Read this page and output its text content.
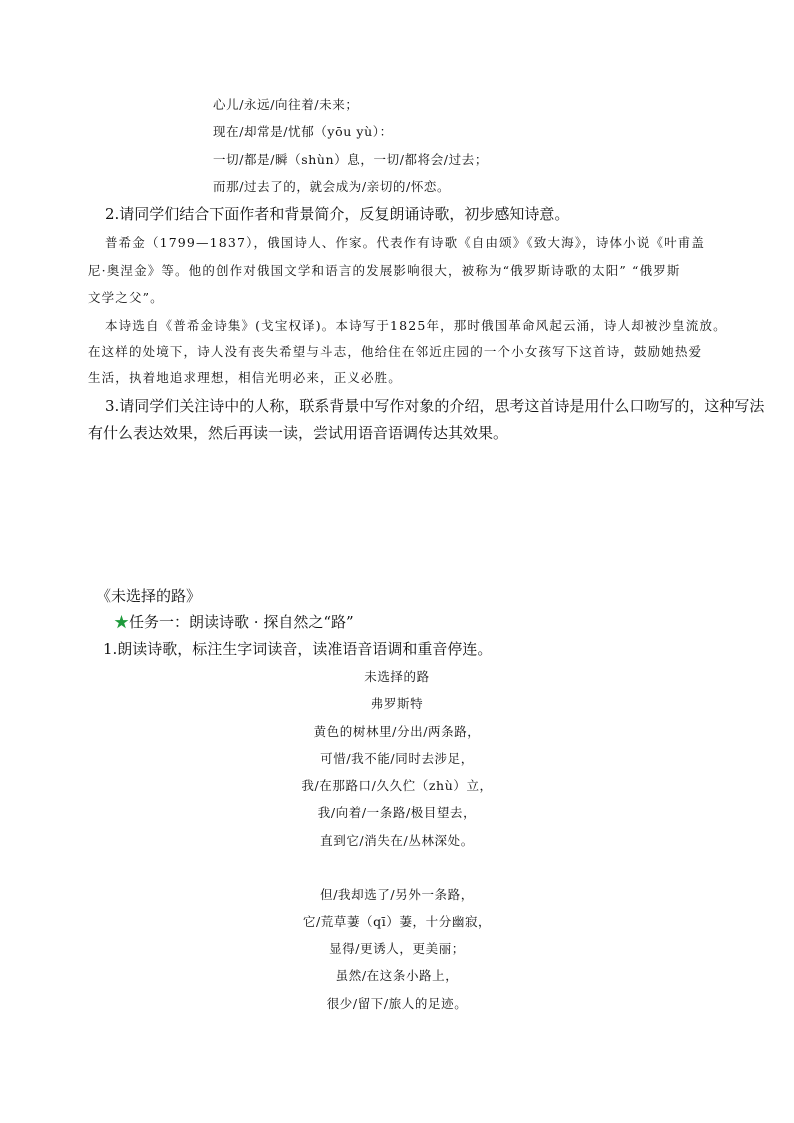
心儿/永远/向往着/未来；
现在/却常是/忧郁（yōu yù）：
一切/都是/瞬（shùn）息，一切/都将会/过去；
而那/过去了的，就会成为/亲切的/怀恋。
2.请同学们结合下面作者和背景简介，反复朗诵诗歌，初步感知诗意。
普希金（1799—1837），俄国诗人、作家。代表作有诗歌《自由颂》《致大海》，诗体小说《叶甫盖
尼·奥涅金》等。他的创作对俄国文学和语言的发展影响很大，被称为“俄罗斯诗歌的太阳” “俄罗斯
文学之父”。
本诗选自《普希金诗集》(戈宝权译)。本诗写于1825年，那时俄国革命风起云涌，诗人却被沙皇流放。
在这样的处境下，诗人没有丧失希望与斗志，他给住在邻近庄园的一个小女孩写下这首诗，鼓励她热爱
生活，执着地追求理想，相信光明必来，正义必胜。
3.请同学们关注诗中的人称，联系背景中写作对象的介绍，思考这首诗是用什么口吻写的，这种写法
有什么表达效果，然后再读一读，尝试用语音语调传达其效果。
《未选择的路》
★任务一：朗读诗歌 · 探自然之“路”
1.朗读诗歌，标注生字词读音，读准语音语调和重音停连。
未选择的路
弗罗斯特
黄色的树林里/分出/两条路，
可惜/我不能/同时去涉足，
我/在那路口/久久伫（zhù）立，
我/向着/一条路/极目望去，
直到它/消失在/丛林深处。
但/我却选了/另外一条路，
它/荒草萋（qī）萋，十分幽寂，
显得/更诱人，更美丽；
虽然/在这条小路上，
很少/留下/旅人的足迹。
